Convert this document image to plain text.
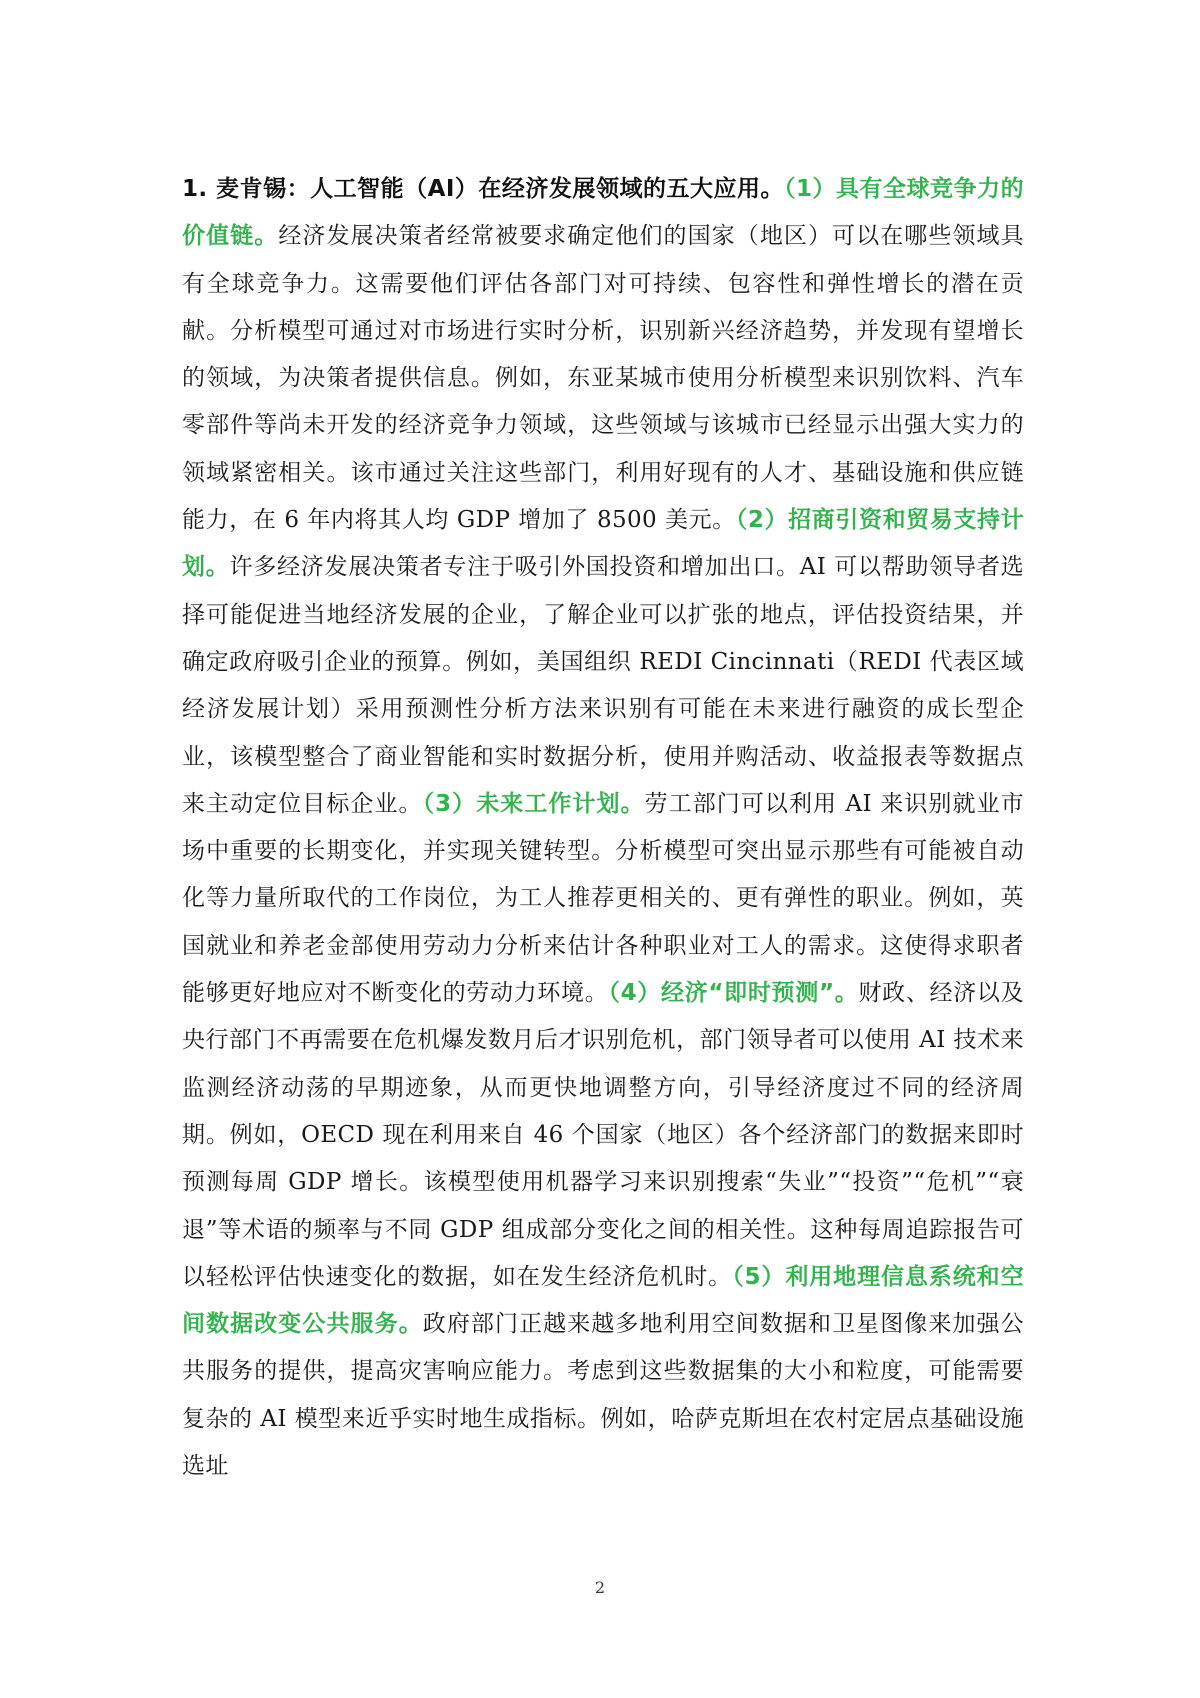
1. 麦肯锡：人工智能（AI）在经济发展领域的五大应用。（1）具有全球竞争力的价值链。经济发展决策者经常被要求确定他们的国家（地区）可以在哪些领域具有全球竞争力。这需要他们评估各部门对可持续、包容性和弹性增长的潜在贡献。分析模型可通过对市场进行实时分析，识别新兴经济趋势，并发现有望增长的领域，为决策者提供信息。例如，东亚某城市使用分析模型来识别饮料、汽车零部件等尚未开发的经济竞争力领域，这些领域与该城市已经显示出强大实力的领域紧密相关。该市通过关注这些部门，利用好现有的人才、基础设施和供应链能力，在 6 年内将其人均 GDP 增加了 8500 美元。（2）招商引资和贸易支持计划。许多经济发展决策者专注于吸引外国投资和增加出口。AI 可以帮助领导者选择可能促进当地经济发展的企业，了解企业可以扩张的地点，评估投资结果，并确定政府吸引企业的预算。例如，美国组织 REDI Cincinnati（REDI 代表区域经济发展计划）采用预测性分析方法来识别有可能在未来进行融资的成长型企业，该模型整合了商业智能和实时数据分析，使用并购活动、收益报表等数据点来主动定位目标企业。（3）未来工作计划。劳工部门可以利用 AI 来识别就业市场中重要的长期变化，并实现关键转型。分析模型可突出显示那些有可能被自动化等力量所取代的工作岗位，为工人推荐更相关的、更有弹性的职业。例如，英国就业和养老金部使用劳动力分析来估计各种职业对工人的需求。这使得求职者能够更好地应对不断变化的劳动力环境。（4）经济“即时预测”。财政、经济以及央行部门不再需要在危机爆发数月后才识别危机，部门领导者可以使用 AI 技术来监测经济动荡的早期迹象，从而更快地调整方向，引导经济度过不同的经济周期。例如，OECD 现在利用来自 46 个国家（地区）各个经济部门的数据来即时预测每周 GDP 增长。该模型使用机器学习来识别搜索“失业”“投资”“危机”“衰退”等术语的频率与不同 GDP 组成部分变化之间的相关性。这种每周追踪报告可以轻松评估快速变化的数据，如在发生经济危机时。（5）利用地理信息系统和空间数据改变公共服务。政府部门正越来越多地利用空间数据和卫星图像来加强公共服务的提供，提高灾害响应能力。考虑到这些数据集的大小和粒度，可能需要复杂的 AI 模型来近乎实时地生成指标。例如，哈萨克斯坦在农村定居点基础设施选址

2
